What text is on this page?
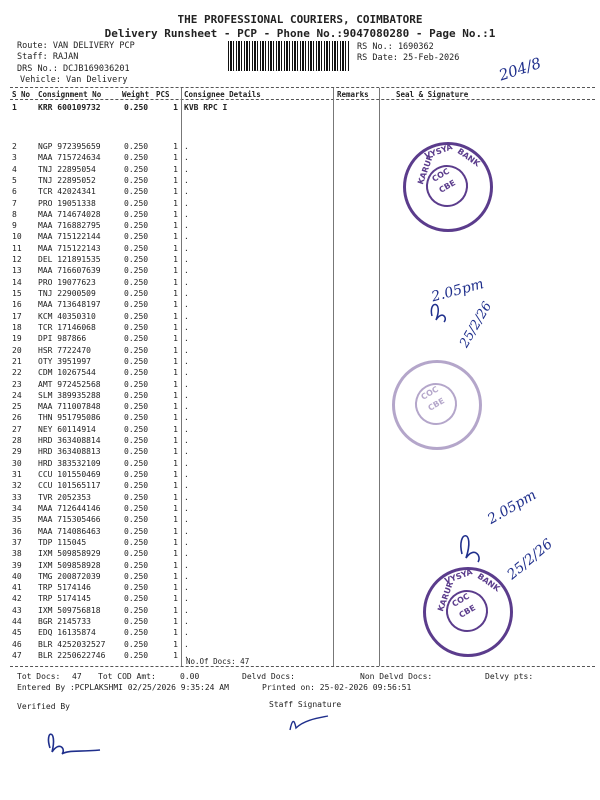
THE PROFESSIONAL COURIERS, COIMBATORE
Delivery Runsheet - PCP - Phone No.:9047080280 - Page No.:1
Route: VAN DELIVERY PCP
Staff: RAJAN
DRS No.: DCJB169036201
Vehicle: Van Delivery
RS No.: 1690362
RS Date: 25-Feb-2026 204/8
S No Consignment No	Weight PCS Consignee Details	Remarks	Seal & Signature
1	KRR 600109732	0.250	1 KVB RPC I
2	NGP 972395659	0.250	1 .
3	MAA 715724634	0.250	1 .
4	TNJ 22895054	0.250	1 .
5	TNJ 22895052	0.250	1 .
6	TCR 42024341	0.250	1 .
7	PRO 19051338	0.250	1 .
8	MAA 714674028	0.250	1 .
9	MAA 716882795	0.250	1 .
10	MAA 715122144	0.250	1 .
11	MAA 715122143	0.250	1 .
12	DEL 121891535	0.250	1 .
13	MAA 716607639	0.250	1 .
14	PRO 19077623	0.250	1 .
15	TNJ 22900509	0.250	1 .
16	MAA 713648197	0.250	1 .
17	KCM 40350310	0.250	1 .
18	TCR 17146068	0.250	1 .
19	DPI 987866	0.250	1 .
20	HSR 7722470	0.250	1 .
21	OTY 3951997	0.250	1 .
22	CDM 10267544	0.250	1 .
23	AMT 972452568	0.250	1 .
24	SLM 389935288	0.250	1 .
25	MAA 711007848	0.250	1 .
26	THN 951795086	0.250	1 .
27	NEY 60114914	0.250	1 .
28	HRD 363408814	0.250	1 .
29	HRD 363408813	0.250	1 .
30	HRD 383532109	0.250	1 .
31	CCU 101550469	0.250	1 .
32	CCU 101565117	0.250	1 .
33	TVR 2052353	0.250	1 .
34	MAA 712644146	0.250	1 .
35	MAA 715305466	0.250	1 .
36	MAA 714086463	0.250	1 .
37	TDP 115045	0.250	1 .
38	IXM 509858929	0.250	1 .
39	IXM 509858928	0.250	1 .
40	TMG 200872039	0.250	1 .
41	TRP 5174146	0.250	1 .
42	TRP 5174145	0.250	1 .
43	IXM 509756818	0.250	1 .
44	BGR 2145733	0.250	1 .
45	EDQ 16135874	0.250	1 .
46	BLR 4252032527	0.250	1 .
47	BLR 2250622746	0.250	1 .
No.Of Docs: 47
Tot Docs: 47 Tot COD Amt:	0.00	Delvd Docs:	Non Delvd Docs:	Delvy pts:
Entered By :PCPLAKSHMI 02/25/2026 9:35:24 AM	Printed on: 25-02-2026 09:56:51
Verified By	Staff Signature
2.05pm
25/2/26
2.05pm
25/2/26
KARUR
VYSYA BANK
COC
CBE
COC
CBE
KARUR
VYSYA BANK
COC
CBE
